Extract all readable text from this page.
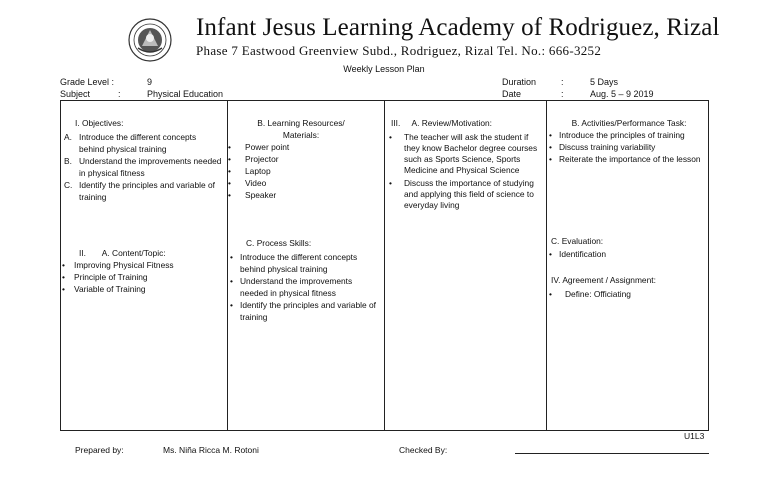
Infant Jesus Learning Academy of Rodriguez, Rizal
Phase 7 Eastwood Greenview Subd., Rodriguez, Rizal Tel. No.: 666-3252
Weekly Lesson Plan
Grade Level :	9
Subject	:	Physical Education
Duration	:	5 Days
Date	:	Aug. 5 – 9 2019
I. Objectives:

A. Introduce the different concepts behind physical training

B. Understand the improvements needed in physical fitness

C. Identify the principles and variable of training

II.       A. Content/Topic:

•	Improving Physical Fitness

•	Principle of Training

•	Variable of Training

B. Learning Resources/ Materials:

• Power point

• Projector

• Laptop

• Video

• Speaker

C. Process Skills:

• Introduce the different concepts behind physical training

• Understand the improvements needed in physical fitness

• Identify the principles and variable of training

III.     A. Review/Motivation:

•	The teacher will ask the student if they know Bachelor degree courses such as Sports Science, Sports Medicine and Physical Science

•	Discuss the importance of studying and applying this field of science to everyday living

B. Activities/Performance Task:

• Introduce the principles of training

• Discuss training variability

• Reiterate the importance of the lesson

C. Evaluation:

• Identification

IV. Agreement / Assignment:

•	Define: Officiating

U1L3
Prepared by:	Ms. Niña Ricca M. Rotoni	Checked By:
